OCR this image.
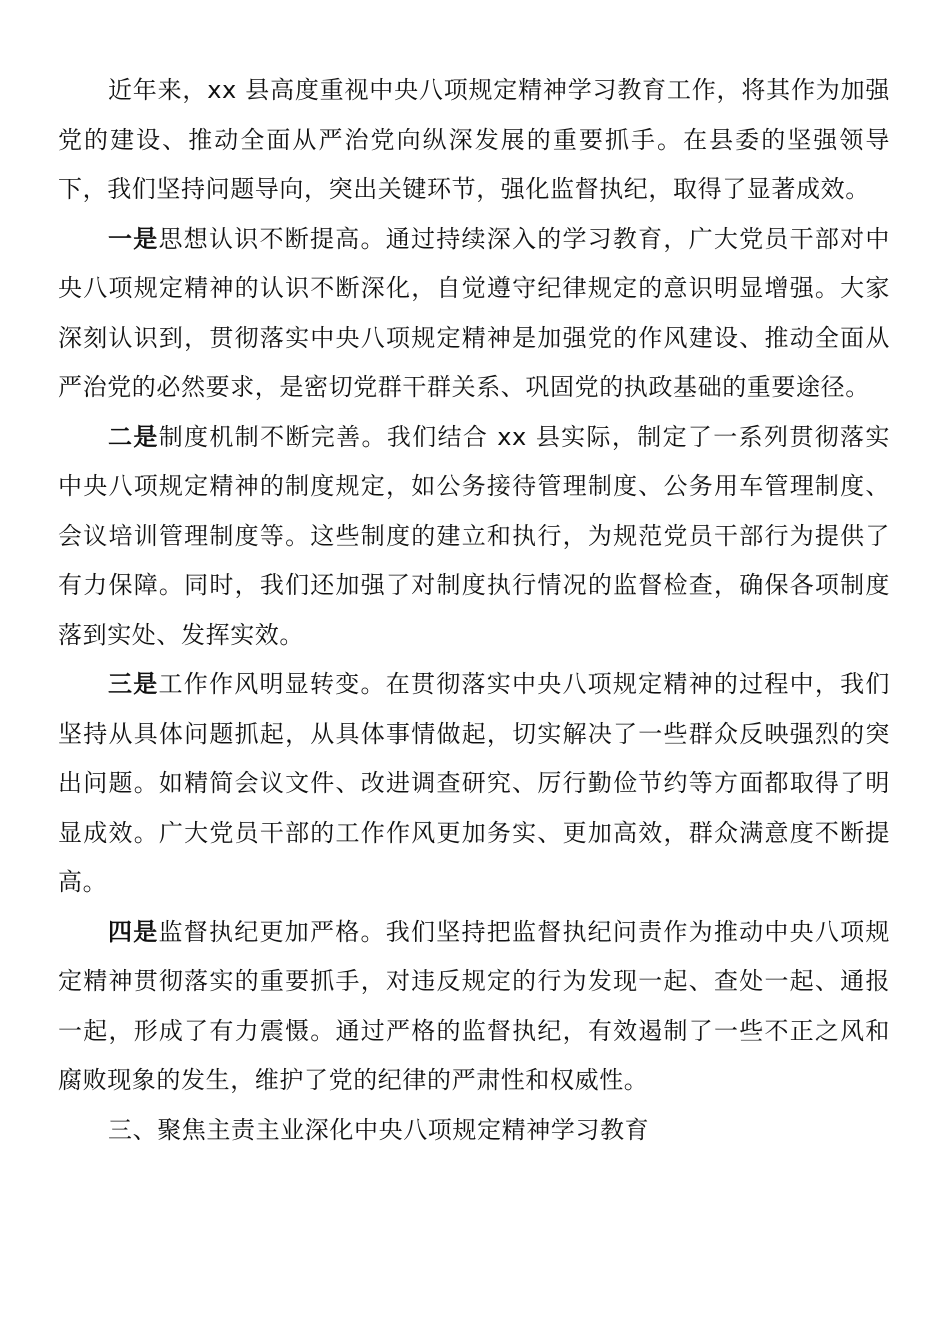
近年来，xx 县高度重视中央八项规定精神学习教育工作，将其作为加强党的建设、推动全面从严治党向纵深发展的重要抓手。在县委的坚强领导下，我们坚持问题导向，突出关键环节，强化监督执纪，取得了显著成效。

一是思想认识不断提高。通过持续深入的学习教育，广大党员干部对中央八项规定精神的认识不断深化，自觉遵守纪律规定的意识明显增强。大家深刻认识到，贯彻落实中央八项规定精神是加强党的作风建设、推动全面从严治党的必然要求，是密切党群干群关系、巩固党的执政基础的重要途径。

二是制度机制不断完善。我们结合 xx 县实际，制定了一系列贯彻落实中央八项规定精神的制度规定，如公务接待管理制度、公务用车管理制度、会议培训管理制度等。这些制度的建立和执行，为规范党员干部行为提供了有力保障。同时，我们还加强了对制度执行情况的监督检查，确保各项制度落到实处、发挥实效。

三是工作作风明显转变。在贯彻落实中央八项规定精神的过程中，我们坚持从具体问题抓起，从具体事情做起，切实解决了一些群众反映强烈的突出问题。如精简会议文件、改进调查研究、厉行勤俭节约等方面都取得了明显成效。广大党员干部的工作作风更加务实、更加高效，群众满意度不断提高。

四是监督执纪更加严格。我们坚持把监督执纪问责作为推动中央八项规定精神贯彻落实的重要抓手，对违反规定的行为发现一起、查处一起、通报一起，形成了有力震慑。通过严格的监督执纪，有效遏制了一些不正之风和腐败现象的发生，维护了党的纪律的严肃性和权威性。

三、聚焦主责主业深化中央八项规定精神学习教育
